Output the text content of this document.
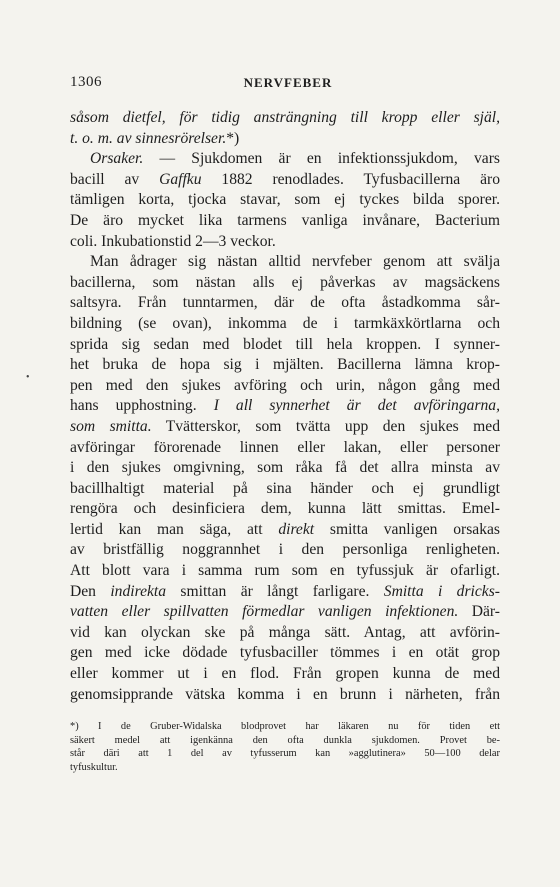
1306	NERVFEBER
•
såsom dietfel, för tidig ansträngning till kropp eller själ,
t. o. m. av sinnesrörelser.*)
Orsaker. — Sjukdomen är en infektionssjukdom, vars
bacill av Gaffku 1882 renodlades. Tyfusbacillerna äro
tämligen korta, tjocka stavar, som ej tyckes bilda sporer.
De äro mycket lika tarmens vanliga invånare, Bacterium
coli. Inkubationstid 2—3 veckor.
Man ådrager sig nästan alltid nervfeber genom att svälja
bacillerna, som nästan alls ej påverkas av magsäckens
saltsyra. Från tunntarmen, där de ofta åstadkomma sår-
bildning (se ovan), inkomma de i tarmkäxkörtlarna och
sprida sig sedan med blodet till hela kroppen. I synner-
het bruka de hopa sig i mjälten. Bacillerna lämna krop-
pen med den sjukes avföring och urin, någon gång med
hans upphostning. I all synnerhet är det avföringarna,
som smitta. Tvätterskor, som tvätta upp den sjukes med
avföringar förorenade linnen eller lakan, eller personer
i den sjukes omgivning, som råka få det allra minsta av
bacillhaltigt material på sina händer och ej grundligt
rengöra och desinficiera dem, kunna lätt smittas. Emel-
lertid kan man säga, att direkt smitta vanligen orsakas
av bristfällig noggrannhet i den personliga renligheten.
Att blott vara i samma rum som en tyfussjuk är ofarligt.
Den indirekta smittan är långt farligare. Smitta i dricks-
vatten eller spillvatten förmedlar vanligen infektionen. Där-
vid kan olyckan ske på många sätt. Antag, att avförin-
gen med icke dödade tyfusbaciller tömmes i en otät grop
eller kommer ut i en flod. Från gropen kunna de med
genomsipprande vätska komma i en brunn i närheten, från
*) I de Gruber-Widalska blodprovet har läkaren nu för tiden ett
säkert medel att igenkänna den ofta dunkla sjukdomen. Provet be-
står däri att 1 del av tyfusserum kan »agglutinera» 50—100 delar
tyfuskultur.
